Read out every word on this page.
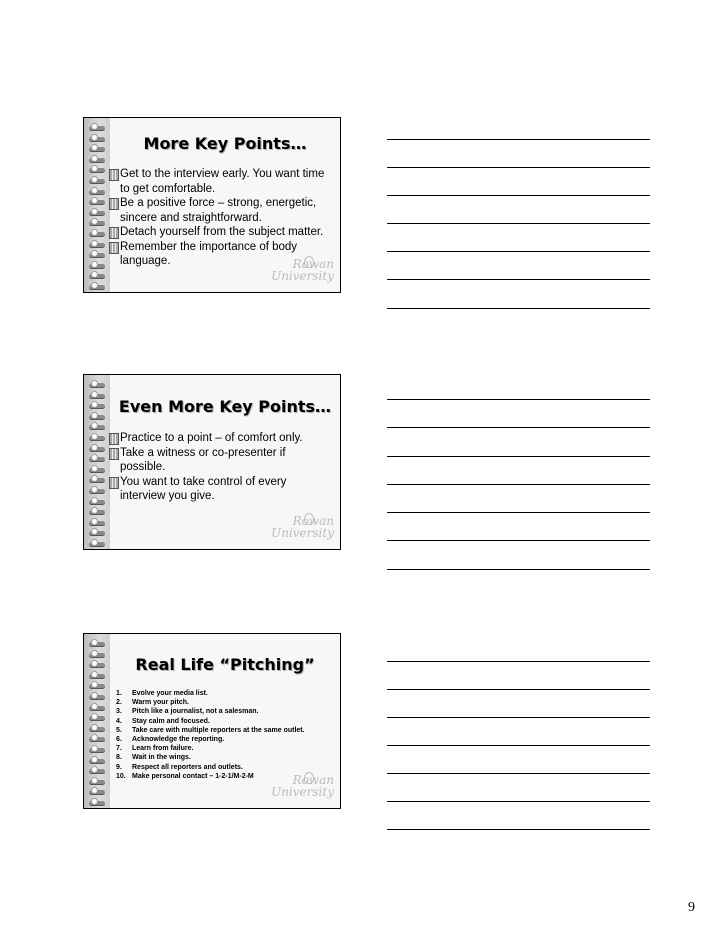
More Key Points…
Get to the interview early. You want time to get comfortable.
Be a positive force – strong, energetic, sincere and straightforward.
Detach yourself from the subject matter.
Remember the importance of body language.	Rowan University
Even More Key Points…
Practice to a point – of comfort only.
Take a witness or co-presenter if possible.
You want to take control of every interview you give.
Rowan University
Real Life “Pitching”
1. Evolve your media list.
2. Warm your pitch.
3. Pitch like a journalist, not a salesman.
4. Stay calm and focused.
5. Take care with multiple reporters at the same outlet.
6. Acknowledge the reporting.
7. Learn from failure.
8. Wait in the wings.
9. Respect all reporters and outlets.
10. Make personal contact – 1-2-1/M-2-M	Rowan University
9
